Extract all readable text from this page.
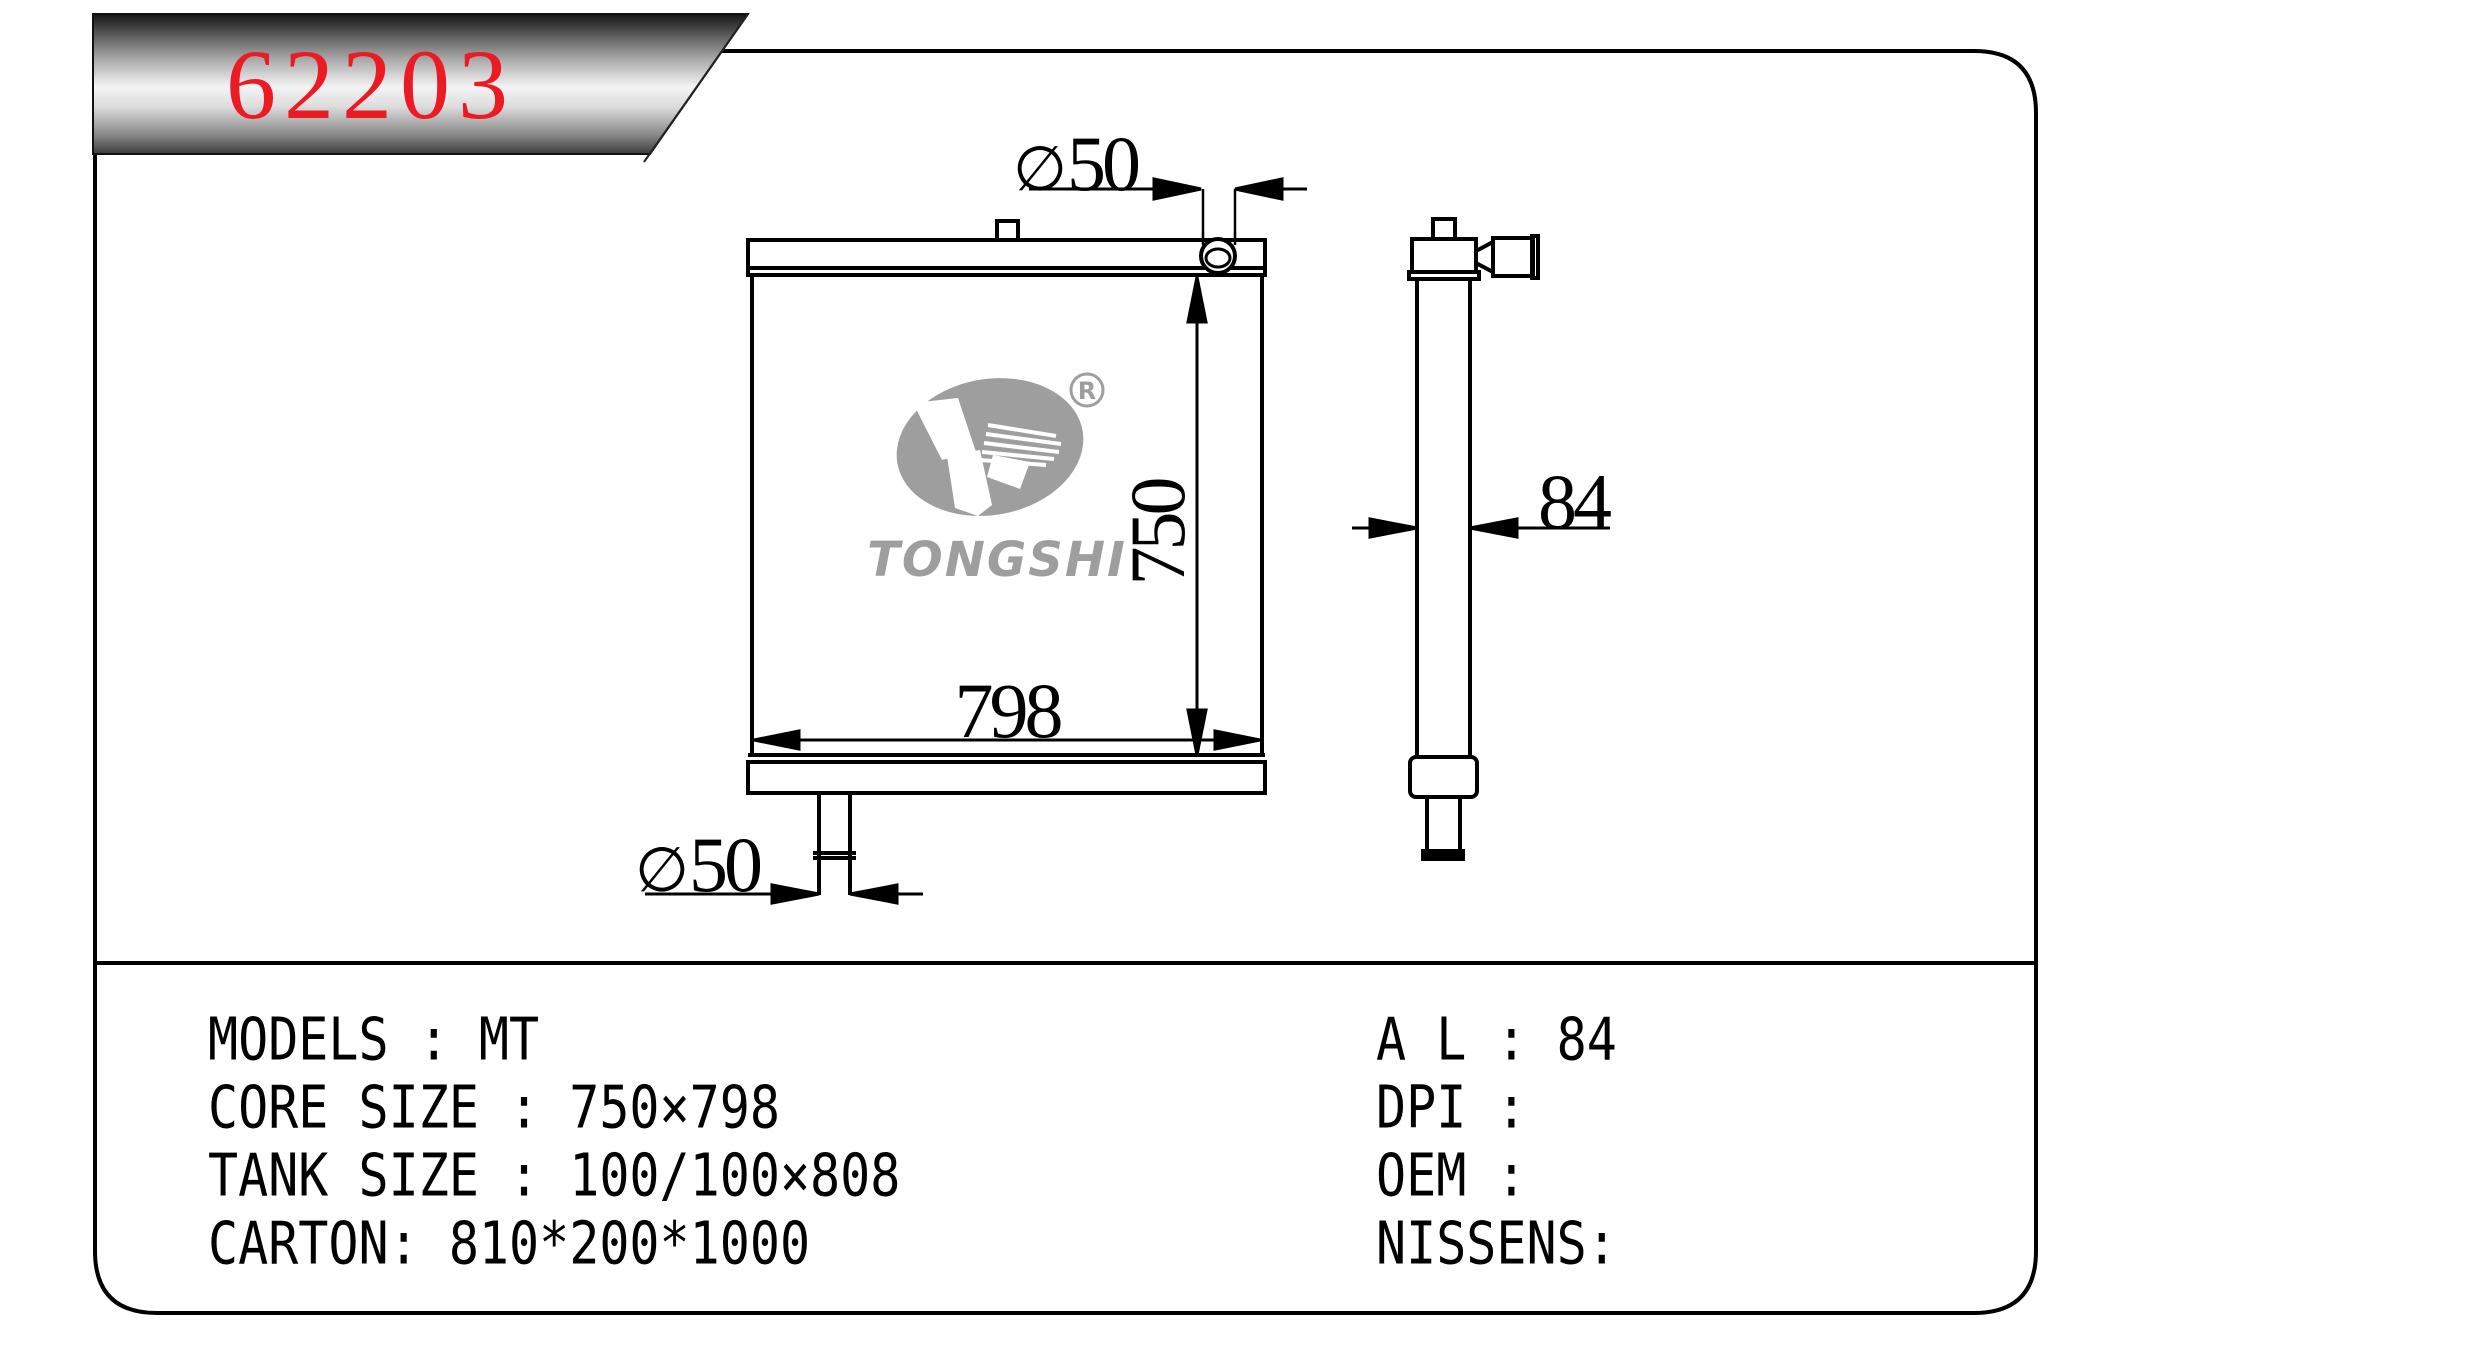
62203
∅50
750
798
∅50
84
TONGSHI
R
MODELS : MT
CORE SIZE : 750×798
TANK SIZE : 100/100×808
CARTON: 810*200*1000
A L : 84
DPI :
OEM :
NISSENS:
